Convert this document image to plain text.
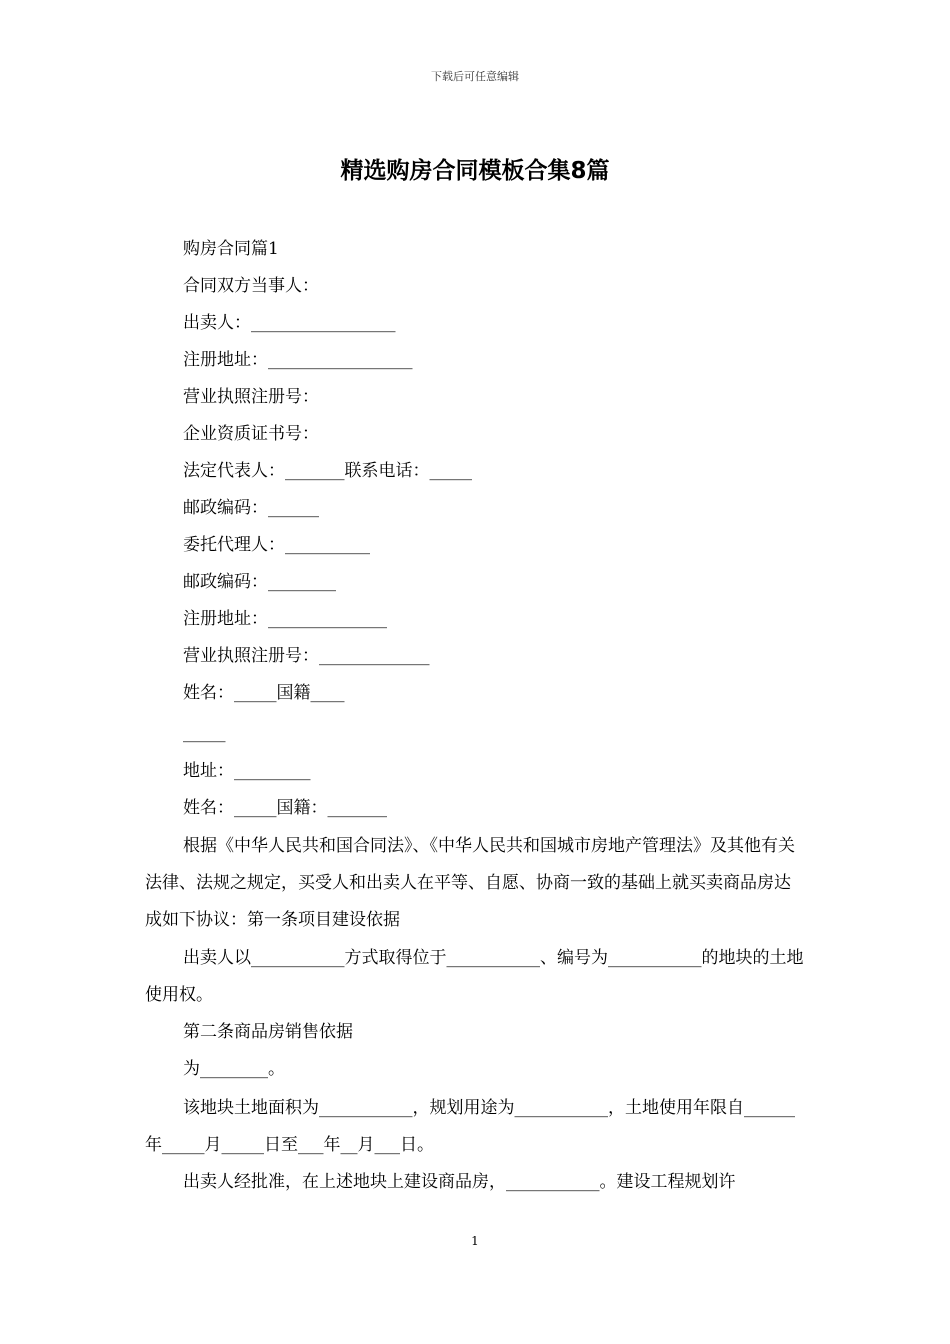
下载后可任意编辑
精选购房合同模板合集8篇
购房合同篇1
合同双方当事人：
出卖人：_________________
注册地址：_________________
营业执照注册号：
企业资质证书号：
法定代表人：_______联系电话：_____
邮政编码：______
委托代理人：__________
邮政编码：________
注册地址：______________
营业执照注册号：_____________
姓名：_____国籍____
_____
地址：_________
姓名：_____国籍：_______
根据《中华人民共和国合同法》、《中华人民共和国城市房地产管理法》及其他有关法律、法规之规定，买受人和出卖人在平等、自愿、协商一致的基础上就买卖商品房达成如下协议：第一条项目建设依据
出卖人以___________方式取得位于___________、编号为___________的地块的土地使用权。
第二条商品房销售依据
为________。
该地块土地面积为___________，规划用途为___________，土地使用年限自______年_____月_____日至___年__月___日。
出卖人经批准，在上述地块上建设商品房，___________。建设工程规划许
1
